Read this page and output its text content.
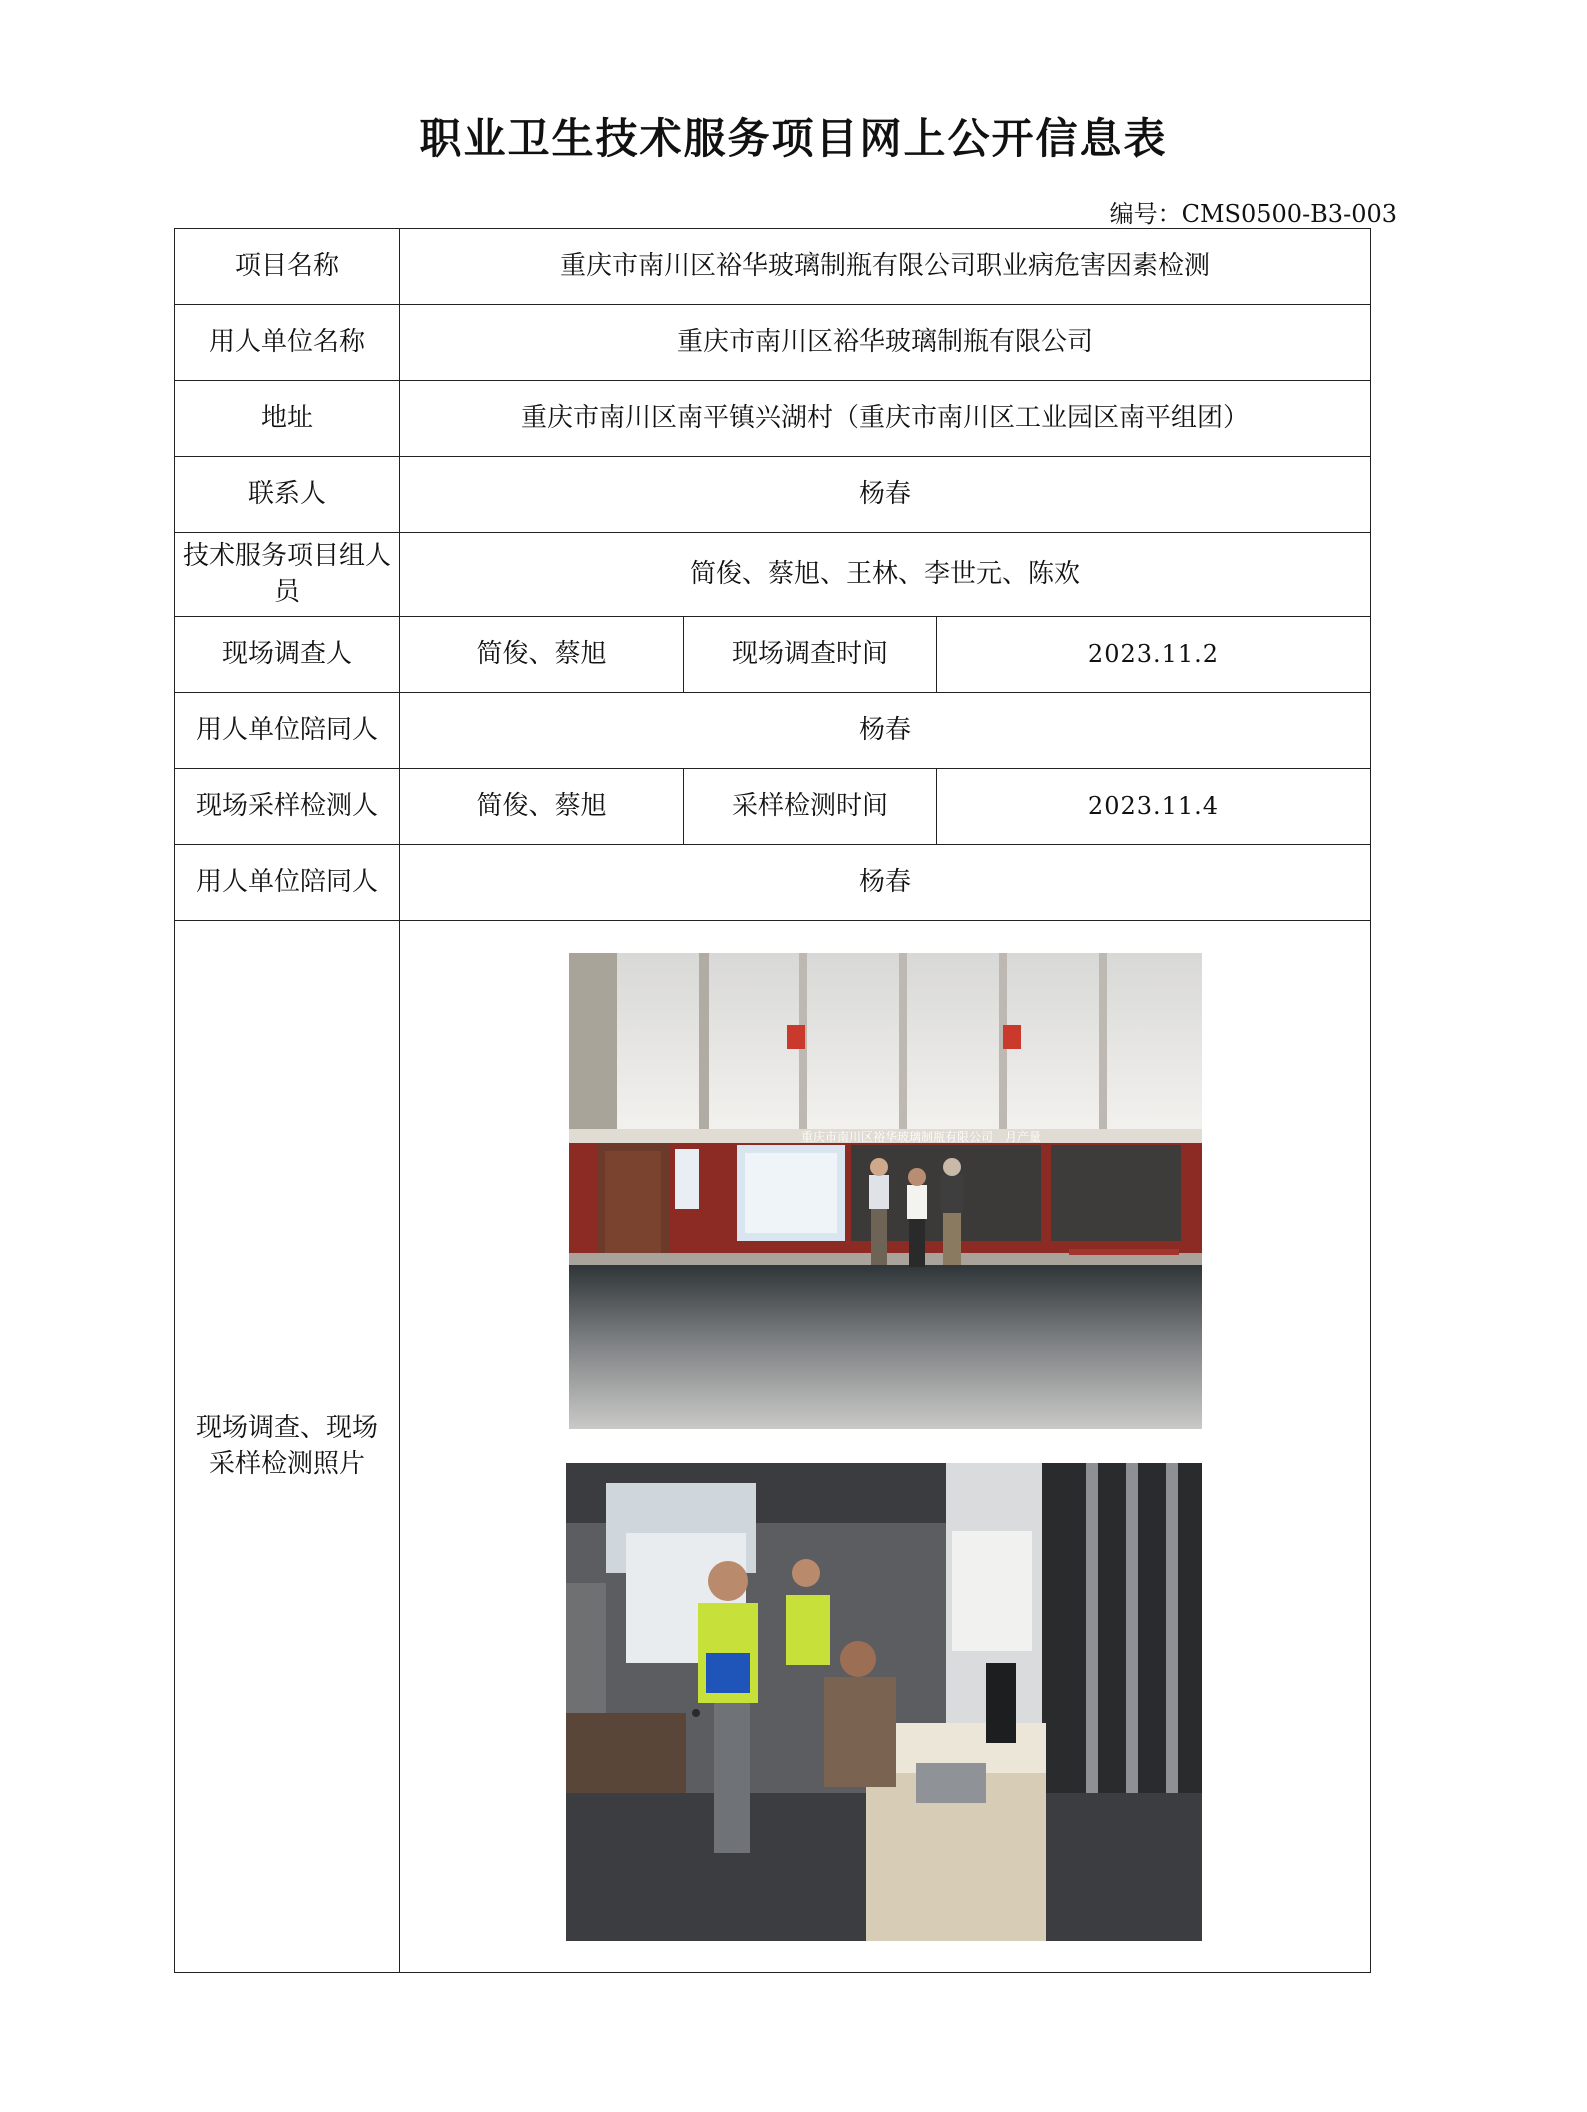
职业卫生技术服务项目网上公开信息表
编号：CMS0500-B3-003
项目名称	重庆市南川区裕华玻璃制瓶有限公司职业病危害因素检测		
用人单位名称	重庆市南川区裕华玻璃制瓶有限公司		
地址	重庆市南川区南平镇兴湖村（重庆市南川区工业园区南平组团）		
联系人	杨春		
技术服务项目组人员	简俊、蔡旭、王林、李世元、陈欢		
现场调查人	简俊、蔡旭	现场调查时间	2023.11.2
用人单位陪同人	杨春		
现场采样检测人	简俊、蔡旭	采样检测时间	2023.11.4
用人单位陪同人	杨春		
现场调查、现场采样检测照片	重庆市南川区裕华玻璃制瓶有限公司　月产量		
